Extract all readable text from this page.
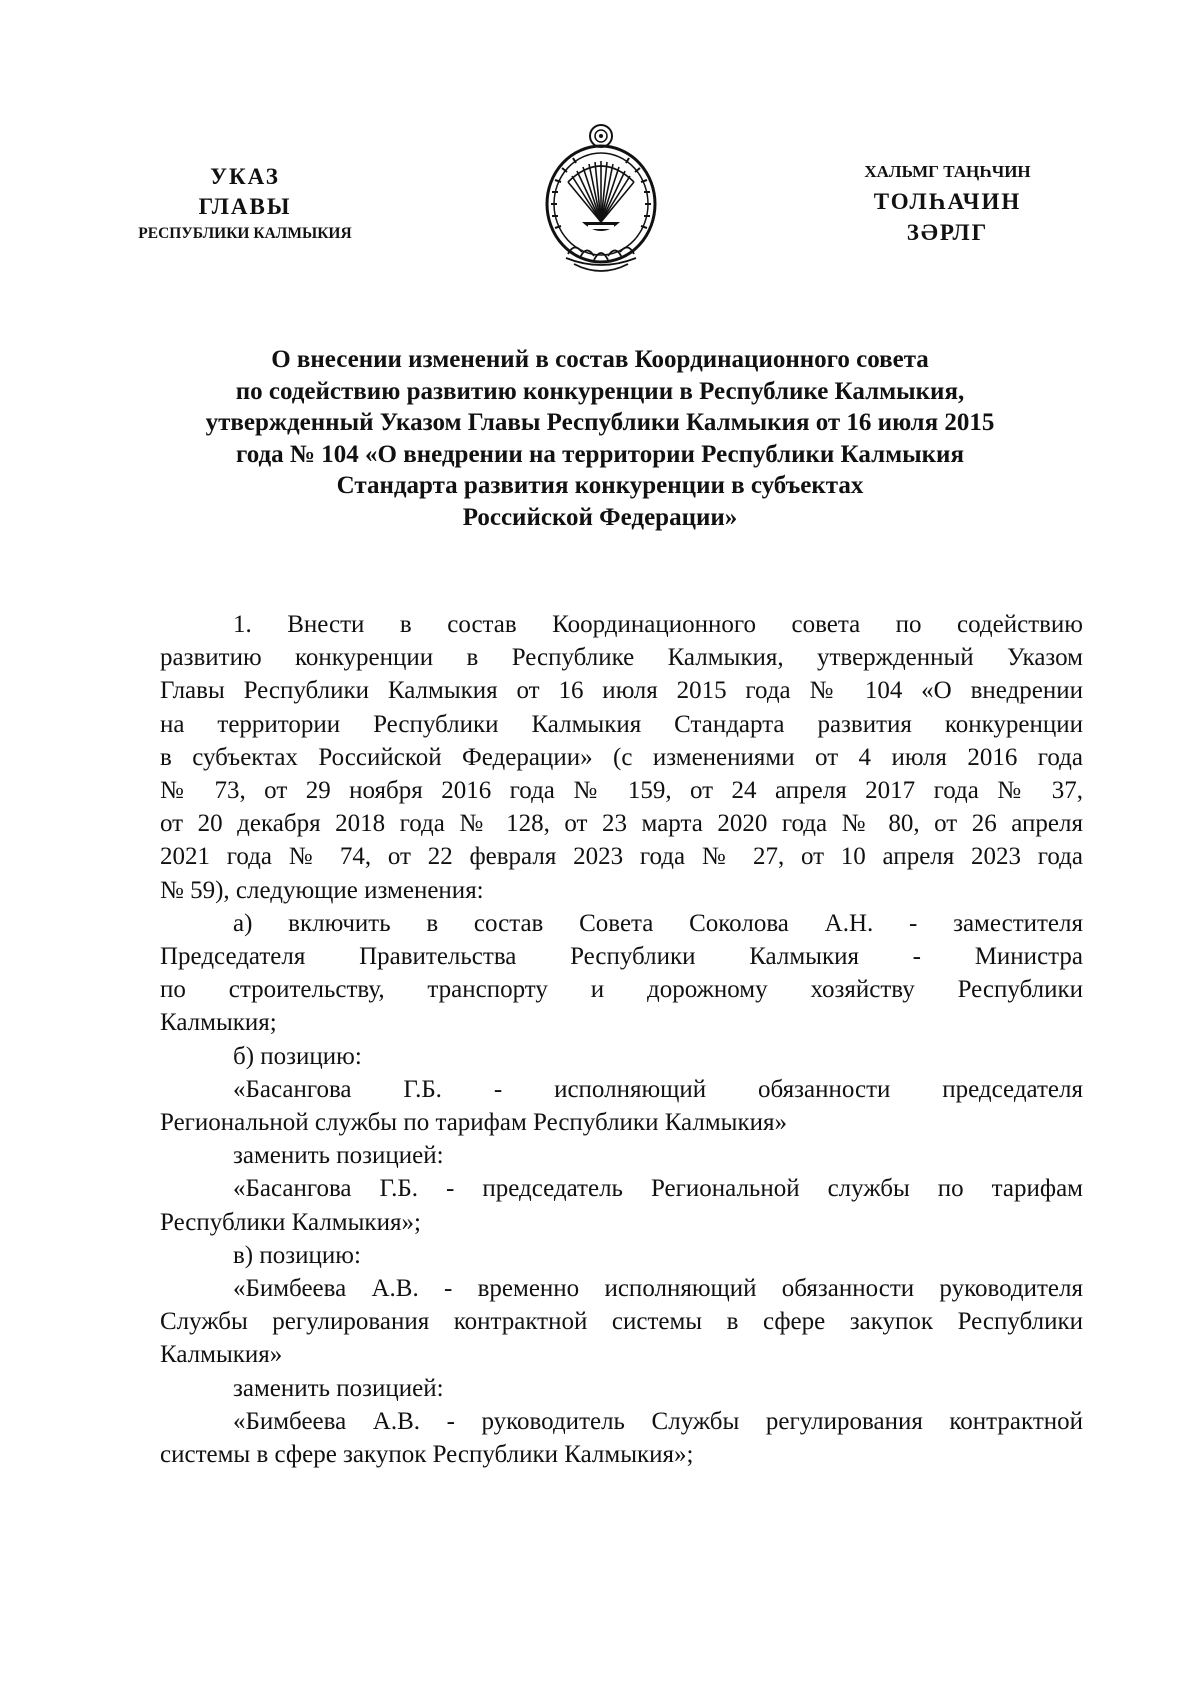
УКАЗ
ГЛАВЫ
РЕСПУБЛИКИ КАЛМЫКИЯ
ХАЛЬМГ ТАҢҺЧИН
ТОЛҺАЧИН
ЗӘРЛГ
О внесении изменений в состав Координационного совета
по содействию развитию конкуренции в Республике Калмыкия,
утвержденный Указом Главы Республики Калмыкия от 16 июля 2015
года № 104 «О внедрении на территории Республики Калмыкия
Стандарта развития конкуренции в субъектах
Российской Федерации»
1. Внести в состав Координационного совета по содействию
развитию конкуренции в Республике Калмыкия, утвержденный Указом
Главы Республики Калмыкия от 16 июля 2015 года № 104 «О внедрении
на территории Республики Калмыкия Стандарта развития конкуренции
в субъектах Российской Федерации» (с изменениями от 4 июля 2016 года
№ 73, от 29 ноября 2016 года № 159, от 24 апреля 2017 года № 37,
от 20 декабря 2018 года № 128, от 23 марта 2020 года № 80, от 26 апреля
2021 года № 74, от 22 февраля 2023 года № 27, от 10 апреля 2023 года
№ 59), следующие изменения:
а) включить в состав Совета Соколова А.Н. - заместителя
Председателя Правительства Республики Калмыкия - Министра
по строительству, транспорту и дорожному хозяйству Республики
Калмыкия;
б) позицию:
«Басангова Г.Б. - исполняющий обязанности председателя
Региональной службы по тарифам Республики Калмыкия»
заменить позицией:
«Басангова Г.Б. - председатель Региональной службы по тарифам
Республики Калмыкия»;
в) позицию:
«Бимбеева А.В. - временно исполняющий обязанности руководителя
Службы регулирования контрактной системы в сфере закупок Республики
Калмыкия»
заменить позицией:
«Бимбеева А.В. - руководитель Службы регулирования контрактной
системы в сфере закупок Республики Калмыкия»;
